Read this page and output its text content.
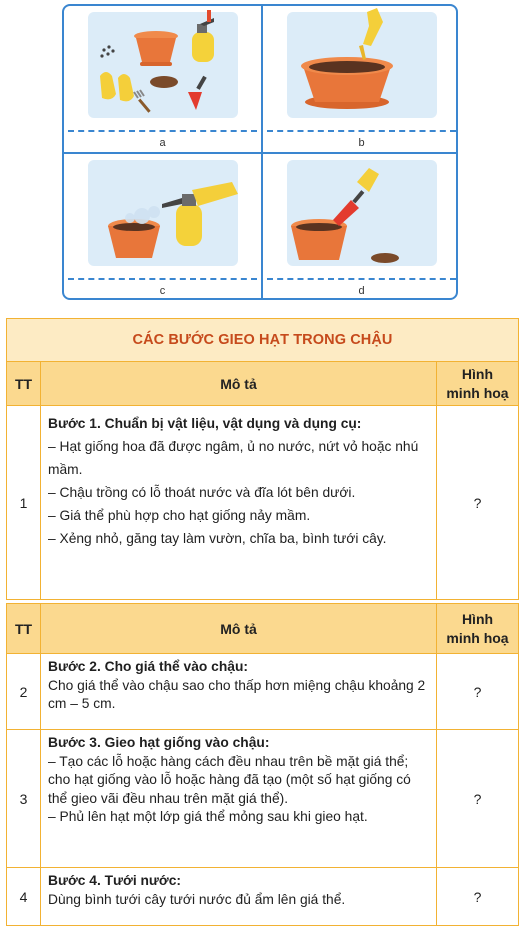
a	b
c	d
CÁC BƯỚC GIEO HẠT TRONG CHẬU		
TT	Mô tả	Hình
minh hoạ
1	Bước 1. Chuẩn bị vật liệu, vật dụng và dụng cụ:

– Hạt giống hoa đã được ngâm, ủ no nước, nứt vỏ hoặc nhú mầm.

– Chậu trồng có lỗ thoát nước và đĩa lót bên dưới.

– Giá thể phù hợp cho hạt giống nảy mầm.

– Xẻng nhỏ, găng tay làm vườn, chĩa ba, bình tưới cây.	?
TT	Mô tả	Hình
minh hoạ
2	Bước 2. Cho giá thể vào chậu:

Cho giá thể vào chậu sao cho thấp hơn miệng chậu khoảng 2 cm – 5 cm.	?
3	Bước 3. Gieo hạt giống vào chậu:

– Tạo các lỗ hoặc hàng cách đều nhau trên bề mặt giá thể; cho hạt giống vào lỗ hoặc hàng đã tạo (một số hạt giống có thể gieo vãi đều nhau trên mặt giá thể).

– Phủ lên hạt một lớp giá thể mỏng sau khi gieo hạt.	?
4	Bước 4. Tưới nước:

Dùng bình tưới cây tưới nước đủ ẩm lên giá thể.	?
